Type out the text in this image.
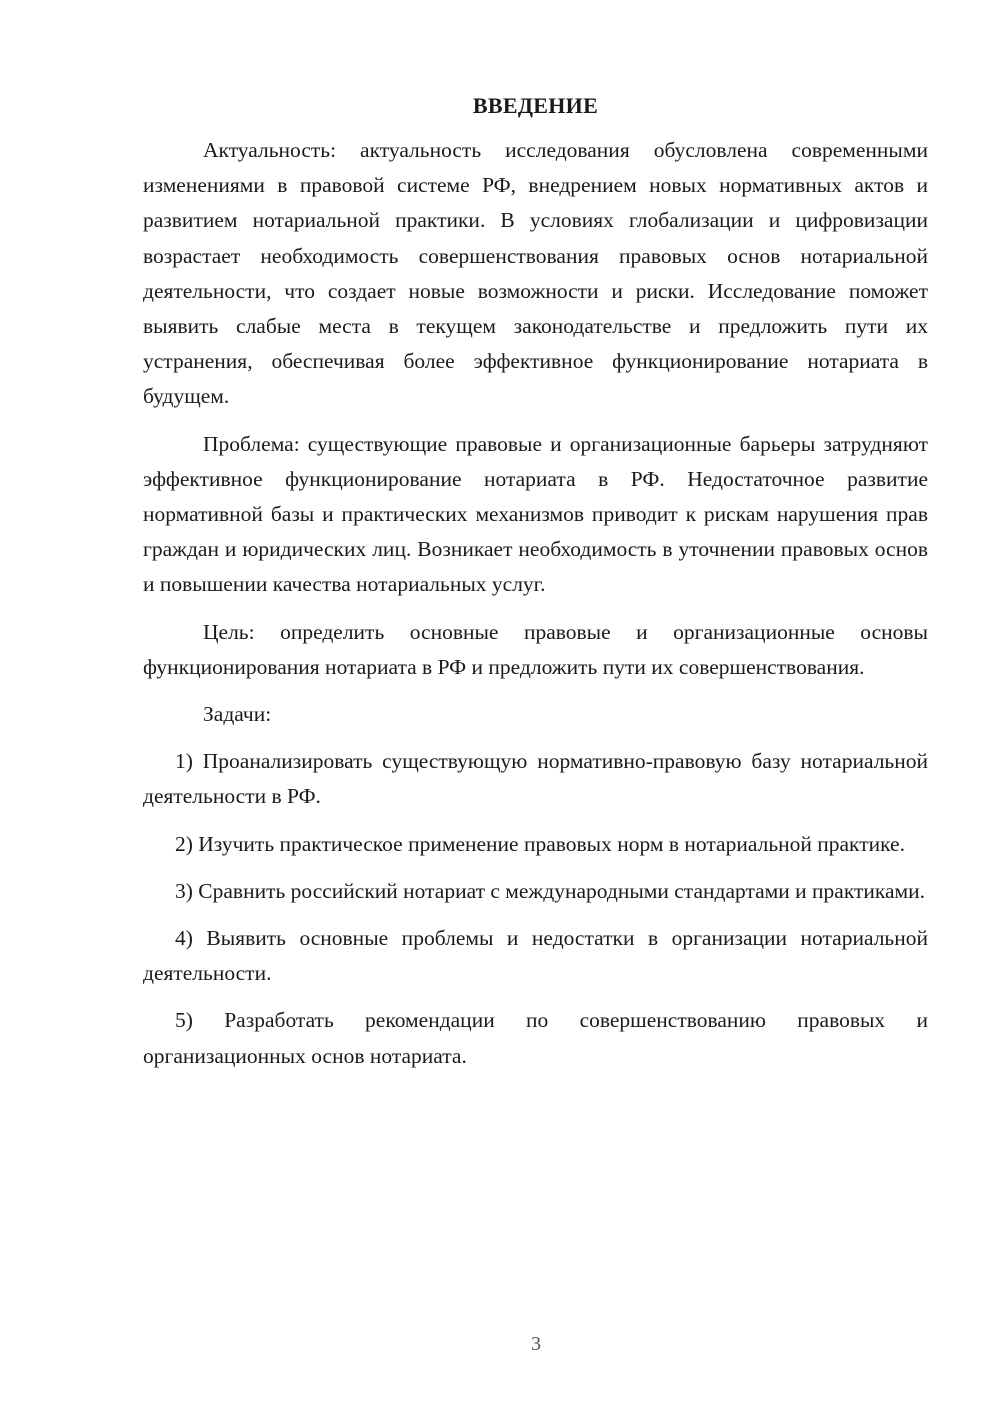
ВВЕДЕНИЕ

Актуальность: актуальность исследования обусловлена современными изменениями в правовой системе РФ, внедрением новых нормативных актов и развитием нотариальной практики. В условиях глобализации и цифровизации возрастает необходимость совершенствования правовых основ нотариальной деятельности, что создает новые возможности и риски. Исследование поможет выявить слабые места в текущем законодательстве и предложить пути их устранения, обеспечивая более эффективное функционирование нотариата в будущем.

Проблема: существующие правовые и организационные барьеры затрудняют эффективное функционирование нотариата в РФ. Недостаточное развитие нормативной базы и практических механизмов приводит к рискам нарушения прав граждан и юридических лиц. Возникает необходимость в уточнении правовых основ и повышении качества нотариальных услуг.

Цель: определить основные правовые и организационные основы функционирования нотариата в РФ и предложить пути их совершенствования.

Задачи:

1) Проанализировать существующую нормативно-правовую базу нотариальной деятельности в РФ.

2) Изучить практическое применение правовых норм в нотариальной практике.

3) Сравнить российский нотариат с международными стандартами и практиками.

4) Выявить основные проблемы и недостатки в организации нотариальной деятельности.

5) Разработать рекомендации по совершенствованию правовых и организационных основ нотариата.

3
